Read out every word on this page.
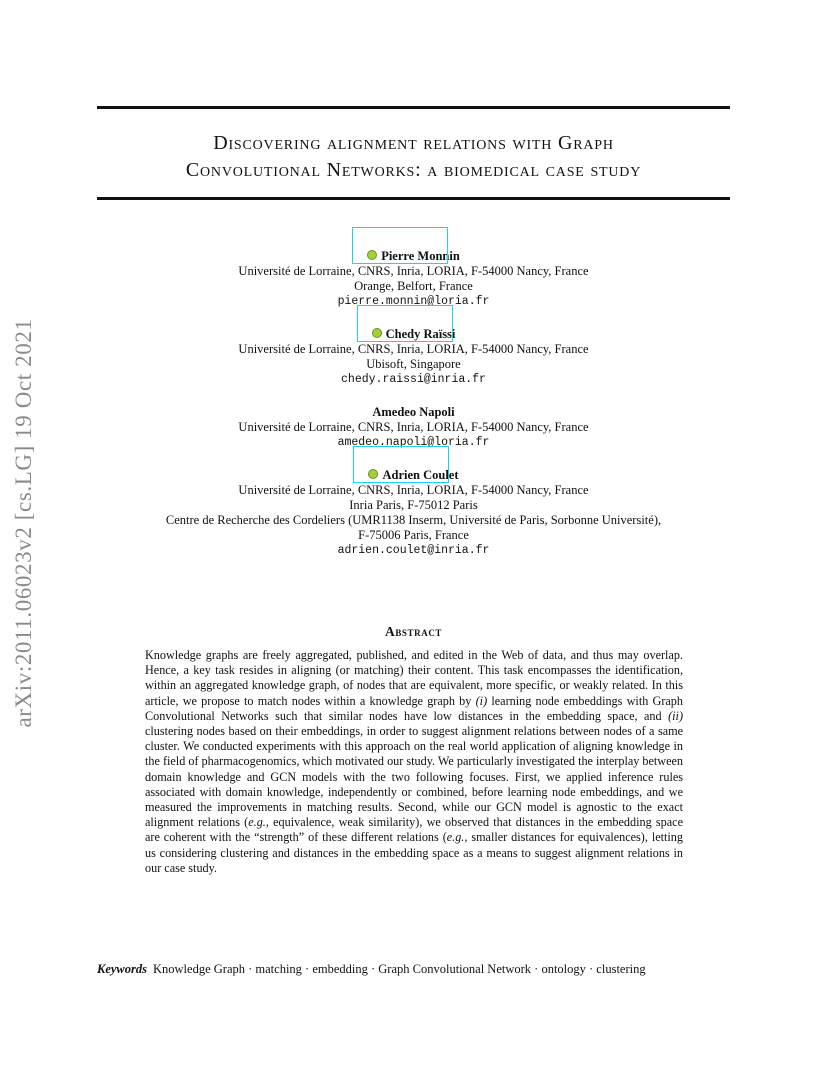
arXiv:2011.06023v2 [cs.LG] 19 Oct 2021
Discovering alignment relations with Graph
Convolutional Networks: a biomedical case study
Pierre Monnin
Université de Lorraine, CNRS, Inria, LORIA, F-54000 Nancy, France
Orange, Belfort, France
pierre.monnin@loria.fr
Chedy Raïssi
Université de Lorraine, CNRS, Inria, LORIA, F-54000 Nancy, France
Ubisoft, Singapore
chedy.raissi@inria.fr
Amedeo Napoli
Université de Lorraine, CNRS, Inria, LORIA, F-54000 Nancy, France
amedeo.napoli@loria.fr
Adrien Coulet
Université de Lorraine, CNRS, Inria, LORIA, F-54000 Nancy, France
Inria Paris, F-75012 Paris
Centre de Recherche des Cordeliers (UMR1138 Inserm, Université de Paris, Sorbonne Université),
F-75006 Paris, France
adrien.coulet@inria.fr
Abstract
Knowledge graphs are freely aggregated, published, and edited in the Web of data, and thus may overlap. Hence, a key task resides in aligning (or matching) their content. This task encompasses the identification, within an aggregated knowledge graph, of nodes that are equivalent, more specific, or weakly related. In this article, we propose to match nodes within a knowledge graph by (i) learning node embeddings with Graph Convolutional Networks such that similar nodes have low distances in the embedding space, and (ii) clustering nodes based on their embeddings, in order to suggest alignment relations between nodes of a same cluster. We conducted experiments with this approach on the real world application of aligning knowledge in the field of pharmacogenomics, which motivated our study. We particularly investigated the interplay between domain knowledge and GCN models with the two following focuses. First, we applied inference rules associated with domain knowledge, independently or combined, before learning node embeddings, and we measured the improvements in matching results. Second, while our GCN model is agnostic to the exact alignment relations (e.g., equivalence, weak similarity), we observed that distances in the embedding space are coherent with the “strength” of these different relations (e.g., smaller distances for equivalences), letting us considering clustering and distances in the embedding space as a means to suggest alignment relations in our case study.
Keywords Knowledge Graph · matching · embedding · Graph Convolutional Network · ontology · clustering
